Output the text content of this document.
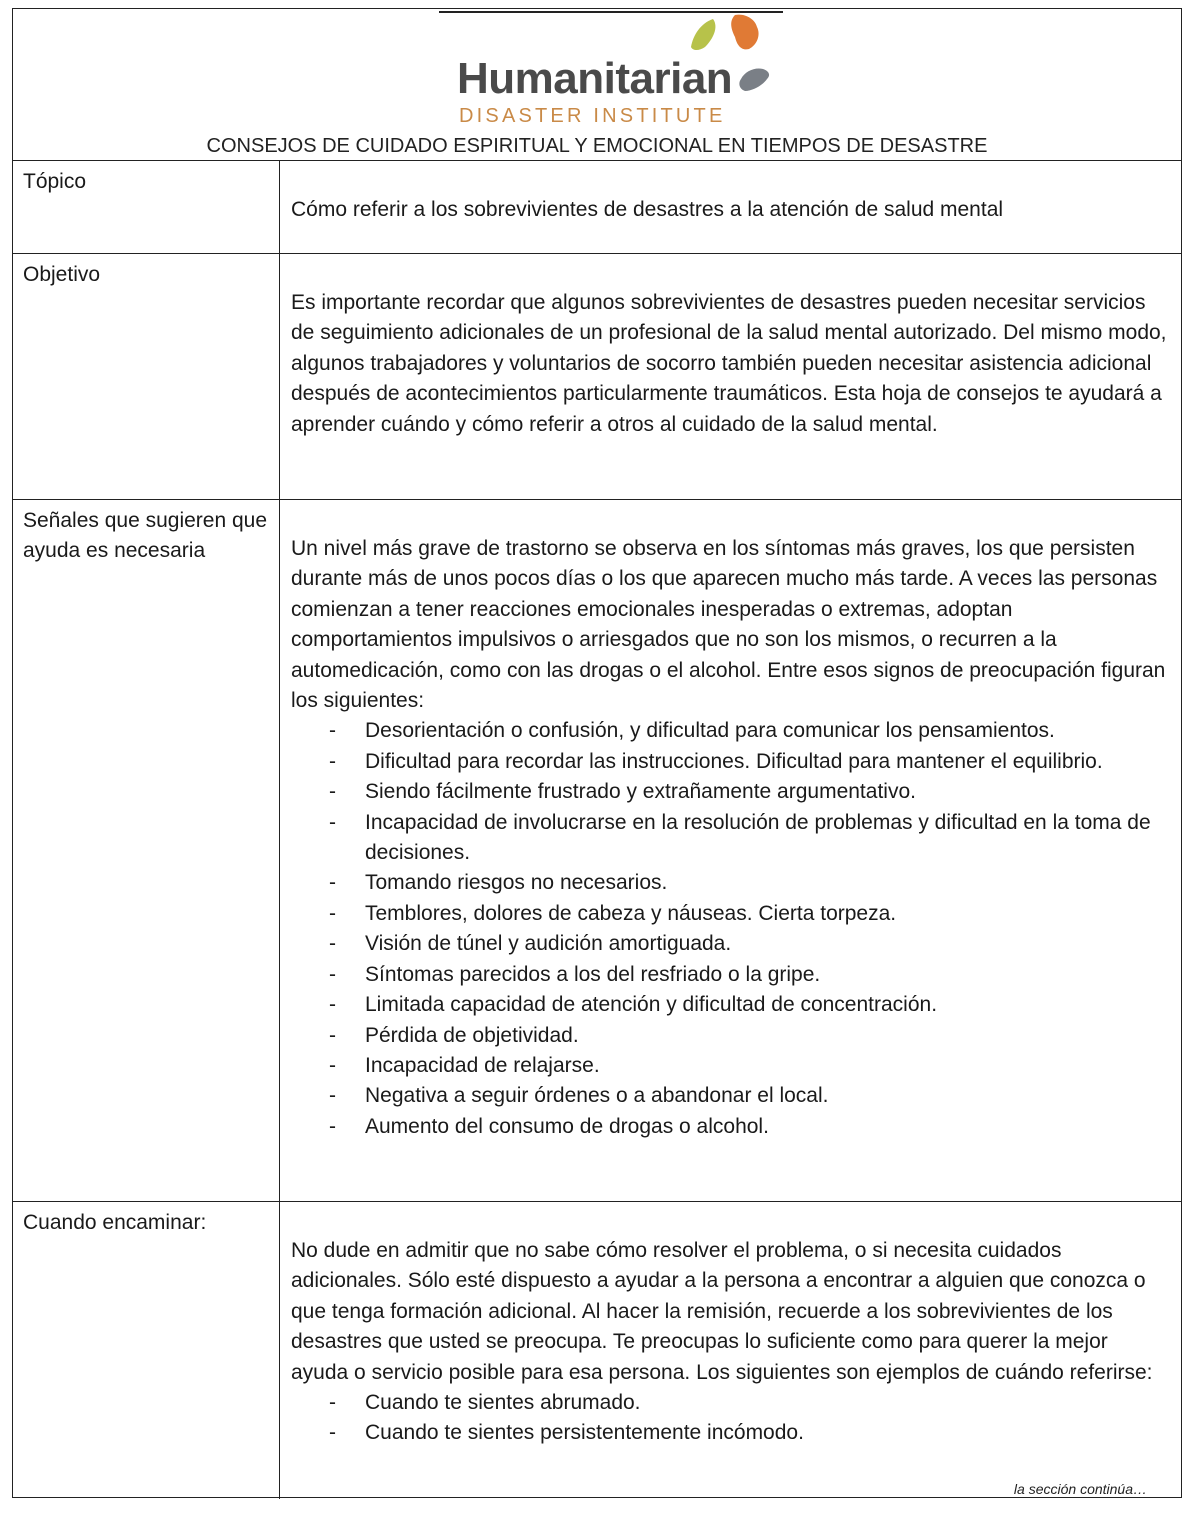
Humanitarian
DISASTER INSTITUTE
CONSEJOS DE CUIDADO ESPIRITUAL Y EMOCIONAL EN TIEMPOS DE DESASTRE
Tópico

Cómo referir a los sobrevivientes de desastres a la atención de salud mental

Objetivo

Es importante recordar que algunos sobrevivientes de desastres pueden necesitar servicios de seguimiento adicionales de un profesional de la salud mental autorizado. Del mismo modo, algunos trabajadores y voluntarios de socorro también pueden necesitar asistencia adicional después de acontecimientos particularmente traumáticos. Esta hoja de consejos te ayudará a aprender cuándo y cómo referir a otros al cuidado de la salud mental.

Señales que sugieren que ayuda es necesaria	Un nivel más grave de trastorno se observa en los síntomas más graves, los que persisten durante más de unos pocos días o los que aparecen mucho más tarde. A veces las personas comienzan a tener reacciones emocionales inesperadas o extremas, adoptan comportamientos impulsivos o arriesgados que no son los mismos, o recurren a la automedicación, como con las drogas o el alcohol. Entre esos signos de preocupación figuran los siguientes:

- Desorientación o confusión, y dificultad para comunicar los pensamientos.
- Dificultad para recordar las instrucciones. Dificultad para mantener el equilibrio.
- Siendo fácilmente frustrado y extrañamente argumentativo.
- Incapacidad de involucrarse en la resolución de problemas y dificultad en la toma de decisiones.
- Tomando riesgos no necesarios.
- Temblores, dolores de cabeza y náuseas. Cierta torpeza.
- Visión de túnel y audición amortiguada.
- Síntomas parecidos a los del resfriado o la gripe.
- Limitada capacidad de atención y dificultad de concentración.
- Pérdida de objetividad.
- Incapacidad de relajarse.
- Negativa a seguir órdenes o a abandonar el local.
- Aumento del consumo de drogas o alcohol.
Cuando encaminar:

No dude en admitir que no sabe cómo resolver el problema, o si necesita cuidados adicionales. Sólo esté dispuesto a ayudar a la persona a encontrar a alguien que conozca o que tenga formación adicional. Al hacer la remisión, recuerde a los sobrevivientes de los desastres que usted se preocupa. Te preocupas lo suficiente como para querer la mejor ayuda o servicio posible para esa persona. Los siguientes son ejemplos de cuándo referirse:

- Cuando te sientes abrumado.
- Cuando te sientes persistentemente incómodo.
la sección continúa…
